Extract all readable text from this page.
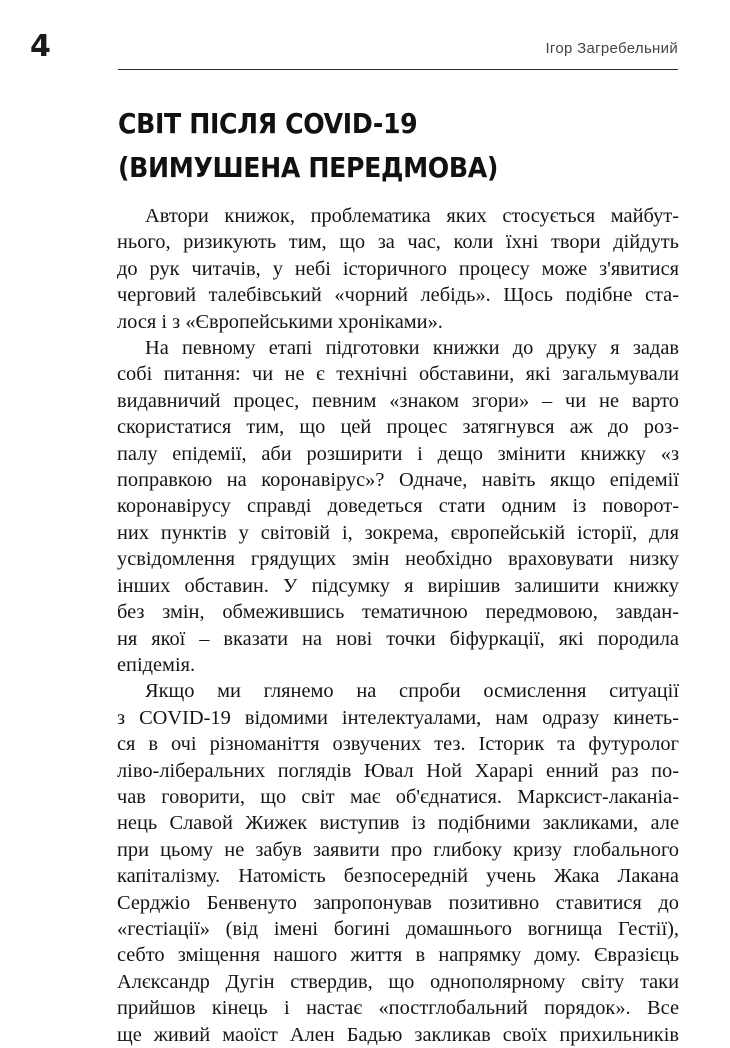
4	Ігор Загребельний
СВІТ ПІСЛЯ COVID-19
(ВИМУШЕНА ПЕРЕДМОВА)
Автори книжок, проблематика яких стосується майбут-
нього, ризикують тим, що за час, коли їхні твори дійдуть
до рук читачів, у небі історичного процесу може з'явитися
черговий талебівський «чорний лебідь». Щось подібне ста-
лося і з «Європейськими хроніками».
На певному етапі підготовки книжки до друку я задав
собі питання: чи не є технічні обставини, які загальмували
видавничий процес, певним «знаком згори» – чи не варто
скористатися тим, що цей процес затягнувся аж до роз-
палу епідемії, аби розширити і дещо змінити книжку «з
поправкою на коронавірус»? Одначе, навіть якщо епідемії
коронавірусу справді доведеться стати одним із поворот-
них пунктів у світовій і, зокрема, європейській історії, для
усвідомлення грядущих змін необхідно враховувати низку
інших обставин. У підсумку я вирішив залишити книжку
без змін, обмежившись тематичною передмовою, завдан-
ня якої – вказати на нові точки біфуркації, які породила
епідемія.
Якщо ми глянемо на спроби осмислення ситуації
з COVID-19 відомими інтелектуалами, нам одразу кинеть-
ся в очі різноманіття озвучених тез. Історик та футуролог
ліво-ліберальних поглядів Ювал Ной Харарі енний раз по-
чав говорити, що світ має об'єднатися. Марксист-лаканіа-
нець Славой Жижек виступив із подібними закликами, але
при цьому не забув заявити про глибоку кризу глобального
капіталізму. Натомість безпосередній учень Жака Лакана
Серджіо Бенвенуто запропонував позитивно ставитися до
«гестіації» (від імені богині домашнього вогнища Гестії),
себто зміщення нашого життя в напрямку дому. Євразієць
Алєксандр Дугін ствердив, що однополярному світу таки
прийшов кінець і настає «постглобальний порядок». Все
ще живий маоїст Ален Бадью закликав своїх прихильників
